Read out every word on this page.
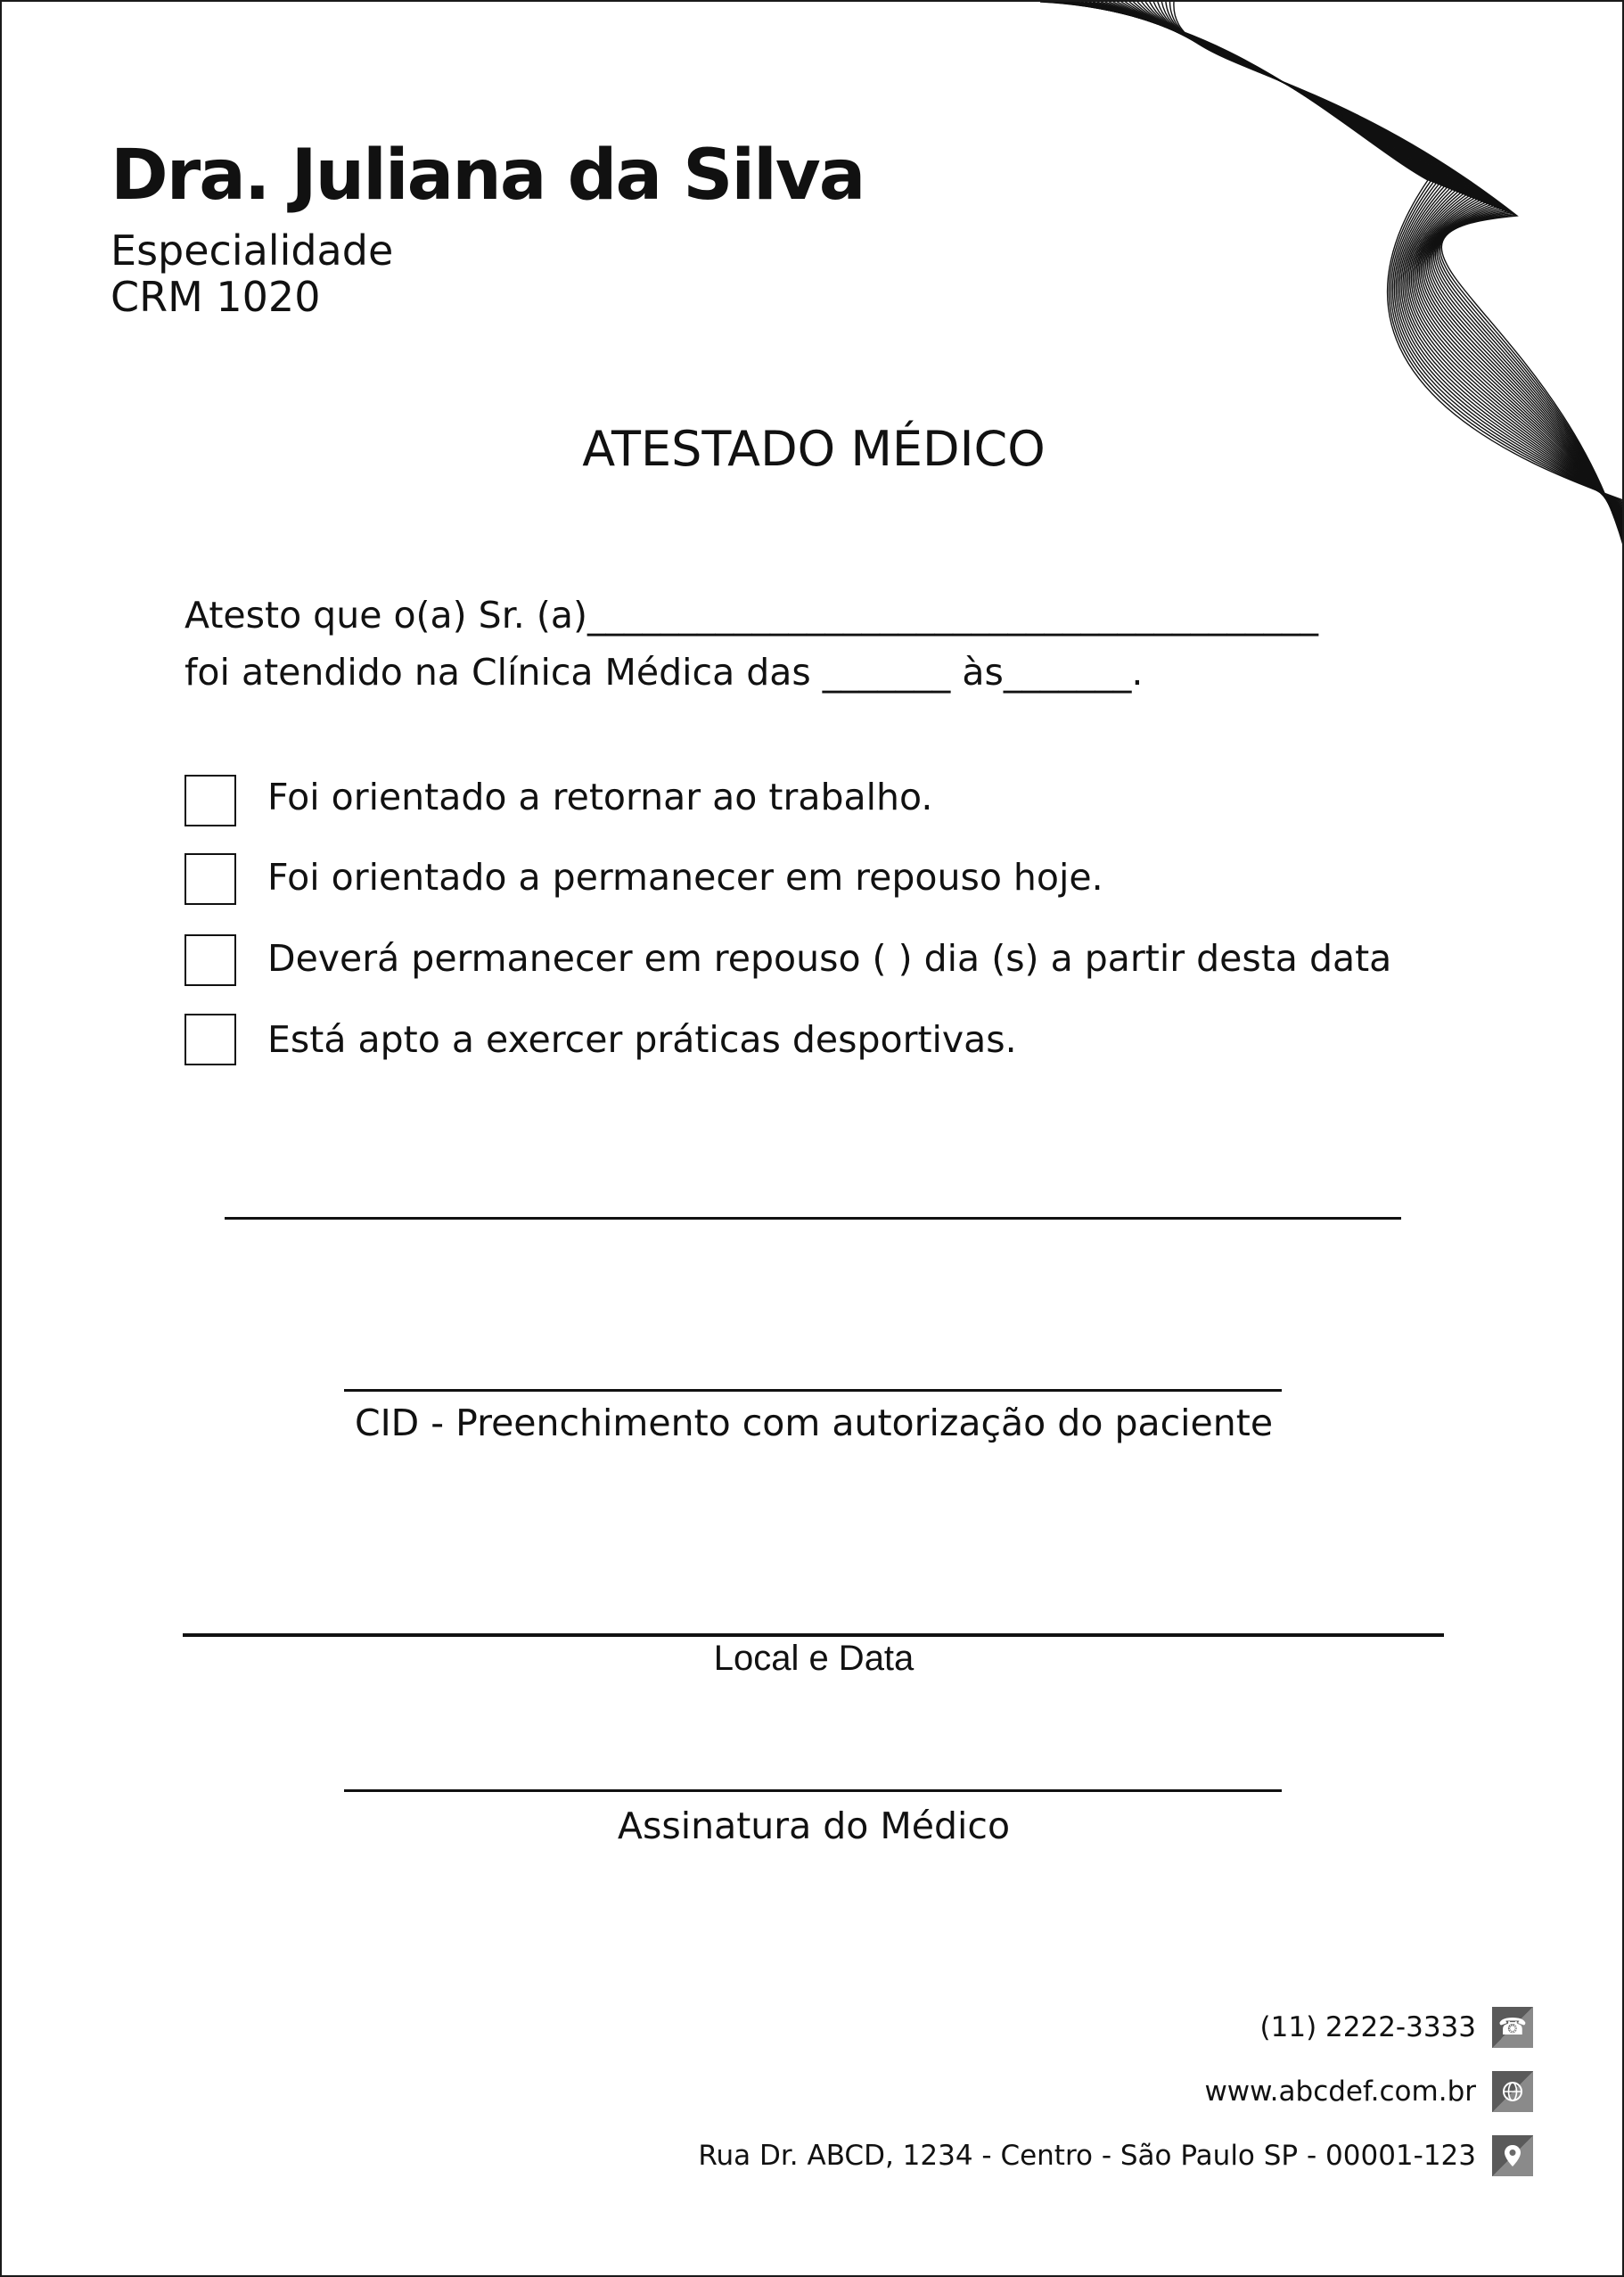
Dra. Juliana da Silva
Especialidade
CRM 1020
ATESTADO MÉDICO
Atesto que o(a) Sr. (a)________________________________________
foi atendido na Clínica Médica das _______ às_______.
Foi orientado a retornar ao trabalho.
Foi orientado a permanecer em repouso hoje.
Deverá permanecer em repouso ( ) dia (s) a partir desta data
Está apto a exercer práticas desportivas.
CID - Preenchimento com autorização do paciente
Local e Data
Assinatura do Médico
(11) 2222-3333 ☎
www.abcdef.com.br
Rua Dr. ABCD, 1234 - Centro - São Paulo SP - 00001-123
